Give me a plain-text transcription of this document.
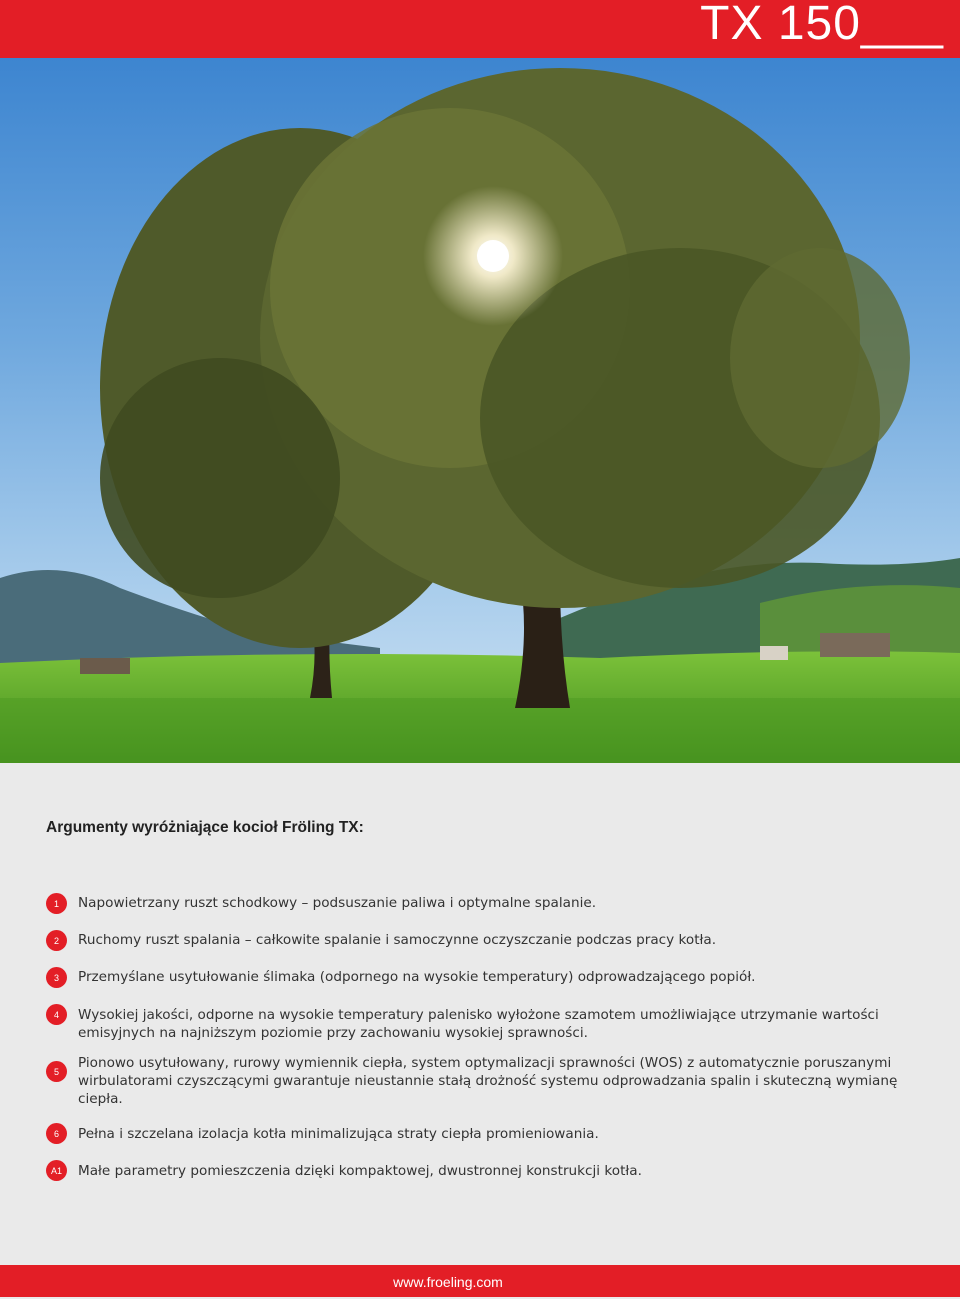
TX 150___
Argumenty wyróżniające kocioł Fröling TX:
1	Napowietrzany ruszt schodkowy – podsuszanie paliwa i optymalne spalanie.

2	Ruchomy ruszt spalania – całkowite spalanie i samoczynne oczyszczanie podczas pracy kotła.

3	Przemyślane usytułowanie ślimaka (odpornego na wysokie temperatury) odprowadzającego popiół.

4	Wysokiej jakości, odporne na wysokie temperatury palenisko wyłożone szamotem umożliwiające utrzymanie wartości emisyjnych na najniższym poziomie przy zachowaniu wysokiej sprawności.

5

Pionowo usytułowany, rurowy wymiennik ciepła, system optymalizacji sprawności (WOS) z automatycznie poruszanymi wirbulatorami czyszczącymi gwarantuje nieustannie stałą drożność systemu odprowadzania spalin i skuteczną wymianę ciepła.

6	Pełna i szczelana izolacja kotła minimalizująca straty ciepła promieniowania.

A1	Małe parametry pomieszczenia dzięki kompaktowej, dwustronnej konstrukcji kotła.

www.froeling.com
